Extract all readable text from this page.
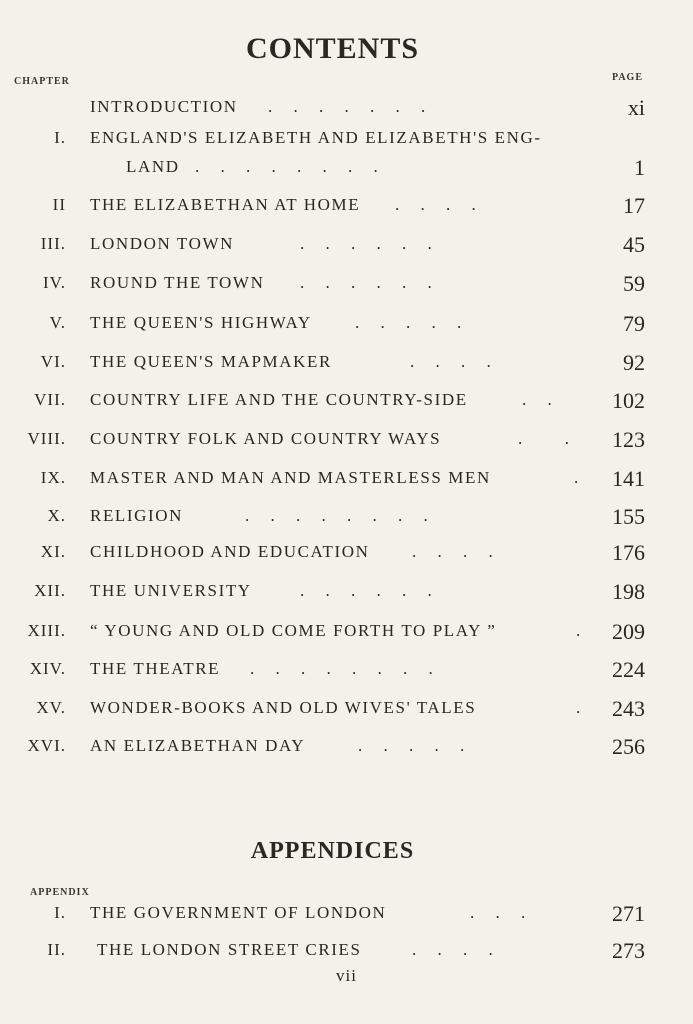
CONTENTS
CHAPTER	PAGE
INTRODUCTION .     .     .     .     .     .     .	xi
I. ENGLAND'S ELIZABETH AND ELIZABETH'S ENG-
LAND .     .     .     .     .     .     .     .	1
II THE ELIZABETHAN AT HOME .     .     .     .	17
III. LONDON TOWN	.     .     .     .     .     .	45
IV. ROUND THE TOWN .     .     .     .     .     .	59
V. THE QUEEN'S HIGHWAY	.     .     .     .     .	79
VI. THE QUEEN'S MAPMAKER	.     .     .     .	92
VII. COUNTRY LIFE AND THE COUNTRY-SIDE	.     .	102
VIII. COUNTRY FOLK AND COUNTRY WAYS	.          . 123
IX. MASTER AND MAN AND MASTERLESS MEN	. 141
X. RELIGION	.     .     .     .     .     .     .     .	155
XI. CHILDHOOD AND EDUCATION .     .     .     .	176
XII. THE UNIVERSITY	.     .     .     .     .     .	198
XIII. “ YOUNG AND OLD COME FORTH TO PLAY ”	. 209
XIV. THE THEATRE .     .     .     .     .     .     .     .	224
XV. WONDER-BOOKS AND OLD WIVES' TALES	. 243
XVI. AN ELIZABETHAN DAY	.     .     .     .     .	256
APPENDICES
APPENDIX
I. THE GOVERNMENT OF LONDON	.     .     .	271
II. THE LONDON STREET CRIES	.     .     .     .	273
vii
